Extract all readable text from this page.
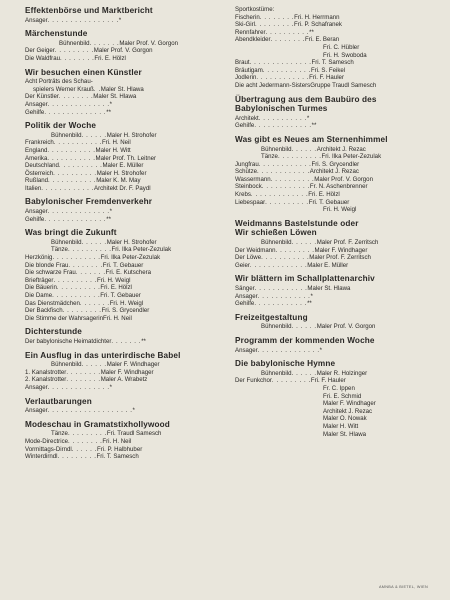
Effektenbörse und Marktbericht
Ansager . . . . . . . . . . . . . . . . *
Märchenstunde
Bühnenbild . . . . . . . Maler Prof. V. Gorgon
Der Geiger . . . . . . . . . Maler Prof. V. Gorgon
Die Waldfrau . . . . . . . . Fri. E. Hölzl
Wir besuchen einen Künstler
Acht Porträts des Schau-
spielers Werner Krauß . . Maler St. Hlawa
Der Künstler . . . . . . . . Maler St. Hlawa
Ansager . . . . . . . . . . . . . . *
Gehilfe . . . . . . . . . . . . . . **
Politik der Woche
Bühnenbild . . . . . . Maler H. Strohofer
Frankreich . . . . . . . . . . . Fri. H. Neil
England . . . . . . . . . . . Maler H. Witt
Amerika . . . . . . . . . . . Maler Prof. Th. Leitner
Deutschland . . . . . . . . . . Maler E. Müller
Österreich . . . . . . . . . . Maler H. Strohofer
Rußland . . . . . . . . . . . Maler K. M. May
Italien . . . . . . . . . . . . Architekt Dr. F. Paydl
Babylonischer Fremdenverkehr
Ansager . . . . . . . . . . . . . . *
Gehilfe . . . . . . . . . . . . . . **
Was bringt die Zukunft
Bühnenbild . . . . . . Maler H. Strohofer
Tänze . . . . . . . . . . Fri. Ilka Peter-Zezulak
Herzkönig . . . . . . . . . . . Fri. Ilka Peter-Zezulak
Die blonde Frau . . . . . . . . Fri. T. Gebauer
Die schwarze Frau . . . . . . . Fri. E. Kutschera
Briefträger . . . . . . . . . . Fri. H. Weigl
Die Bäuerin . . . . . . . . . . Fri. E. Hölzl
Die Dame . . . . . . . . . . . Fri. T. Gebauer
Das Dienstmädchen . . . . . . . Fri. H. Weigl
Der Backfisch . . . . . . . . . Fri. S. Grycendler
Die Stimme der Wahrsagerin Fri. H. Neil
Dichterstunde
Der babylonische Heimatdichter . . . . . . . **
Ein Ausflug in das unterirdische Babel
Bühnenbild . . . . . . Maler F. Windhager
1. Kanalstrotter . . . . . . . . Maler F. Windhager
2. Kanalstrotter . . . . . . . . Maler A. Wrabetz
Ansager . . . . . . . . . . . . . . *
Verlautbarungen
Ansager . . . . . . . . . . . . . . . . . . . *
Modeschau in Gramatstixhollywood
Tänze . . . . . . . . . Fri. Traudl Samesch
Mode-Directrice . . . . . . . . Fri. H. Neil
Vormittags-Dirndl . . . . . . Fri. P. Halbhuber
Winterdirndl . . . . . . . . . Fri. T. Samesch
Sportkostüme:
Fischerin . . . . . . . . Fri. H. Herrmann
Ski-Girl . . . . . . . . . Fri. P. Schafranek
Rennfahrer . . . . . . . . . . **
Abendkleider . . . . . . . . Fri. E. Beran
Fri. C. Hübler
Fri. H. Swoboda
Braut . . . . . . . . . . . . . . Fri. T. Samesch
Bräutigam . . . . . . . . . . . Fri. S. Feikel
Jodlerin . . . . . . . . . . . . Fri. F. Hauler
Die acht Jedermann-Sisters Gruppe Traudl Samesch
Übertragung aus dem Baubüro des
Babylonischen Turmes
Architekt . . . . . . . . . . . *
Gehilfe . . . . . . . . . . . . . **
Was gibt es Neues am Sternenhimmel
Bühnenbild . . . . . . Architekt J. Rezac
Tänze . . . . . . . . . . Fri. Ilka Peter-Zezulak
Jungfrau . . . . . . . . . . . . Fri. S. Grycendler
Schütze . . . . . . . . . . . . Architekt J. Rezac
Wassermann . . . . . . . . . . Maler Prof. V. Gorgon
Steinbock . . . . . . . . . . . Fr. N. Aschenbrenner
Krebs . . . . . . . . . . . . . Fri. E. Hölzl
Liebespaar . . . . . . . . . . Fri. T. Gebauer
Fri. H. Weigl
Weidmanns Bastelstunde oder
Wir schießen Löwen
Bühnenbild . . . . . . Maler Prof. F. Zerritsch
Der Weidmann . . . . . . . . . Maler F. Windhager
Der Löwe . . . . . . . . . . . Maler Prof. F. Zerritsch
Geier . . . . . . . . . . . . . Maler E. Müller
Wir blättern im Schallplattenarchiv
Sänger . . . . . . . . . . . . Maler St. Hlawa
Ansager . . . . . . . . . . . . *
Gehilfe . . . . . . . . . . . . **
Freizeitgestaltung
Bühnenbild . . . . . . Maler Prof. V. Gorgon
Programm der kommenden Woche
Ansager . . . . . . . . . . . . . . *
Die babylonische Hymne
Bühnenbild . . . . . . Maler R. Holzinger
Der Funkchor . . . . . . . . . Fri. F. Hauler
Fr. C. Ippen
Fri. E. Schmid
Maler F. Windhager
Architekt J. Rezac
Maler O. Nowak
Maler H. Witt
Maler St. Hlawa
AMNBA & BIETEL, WIEN
